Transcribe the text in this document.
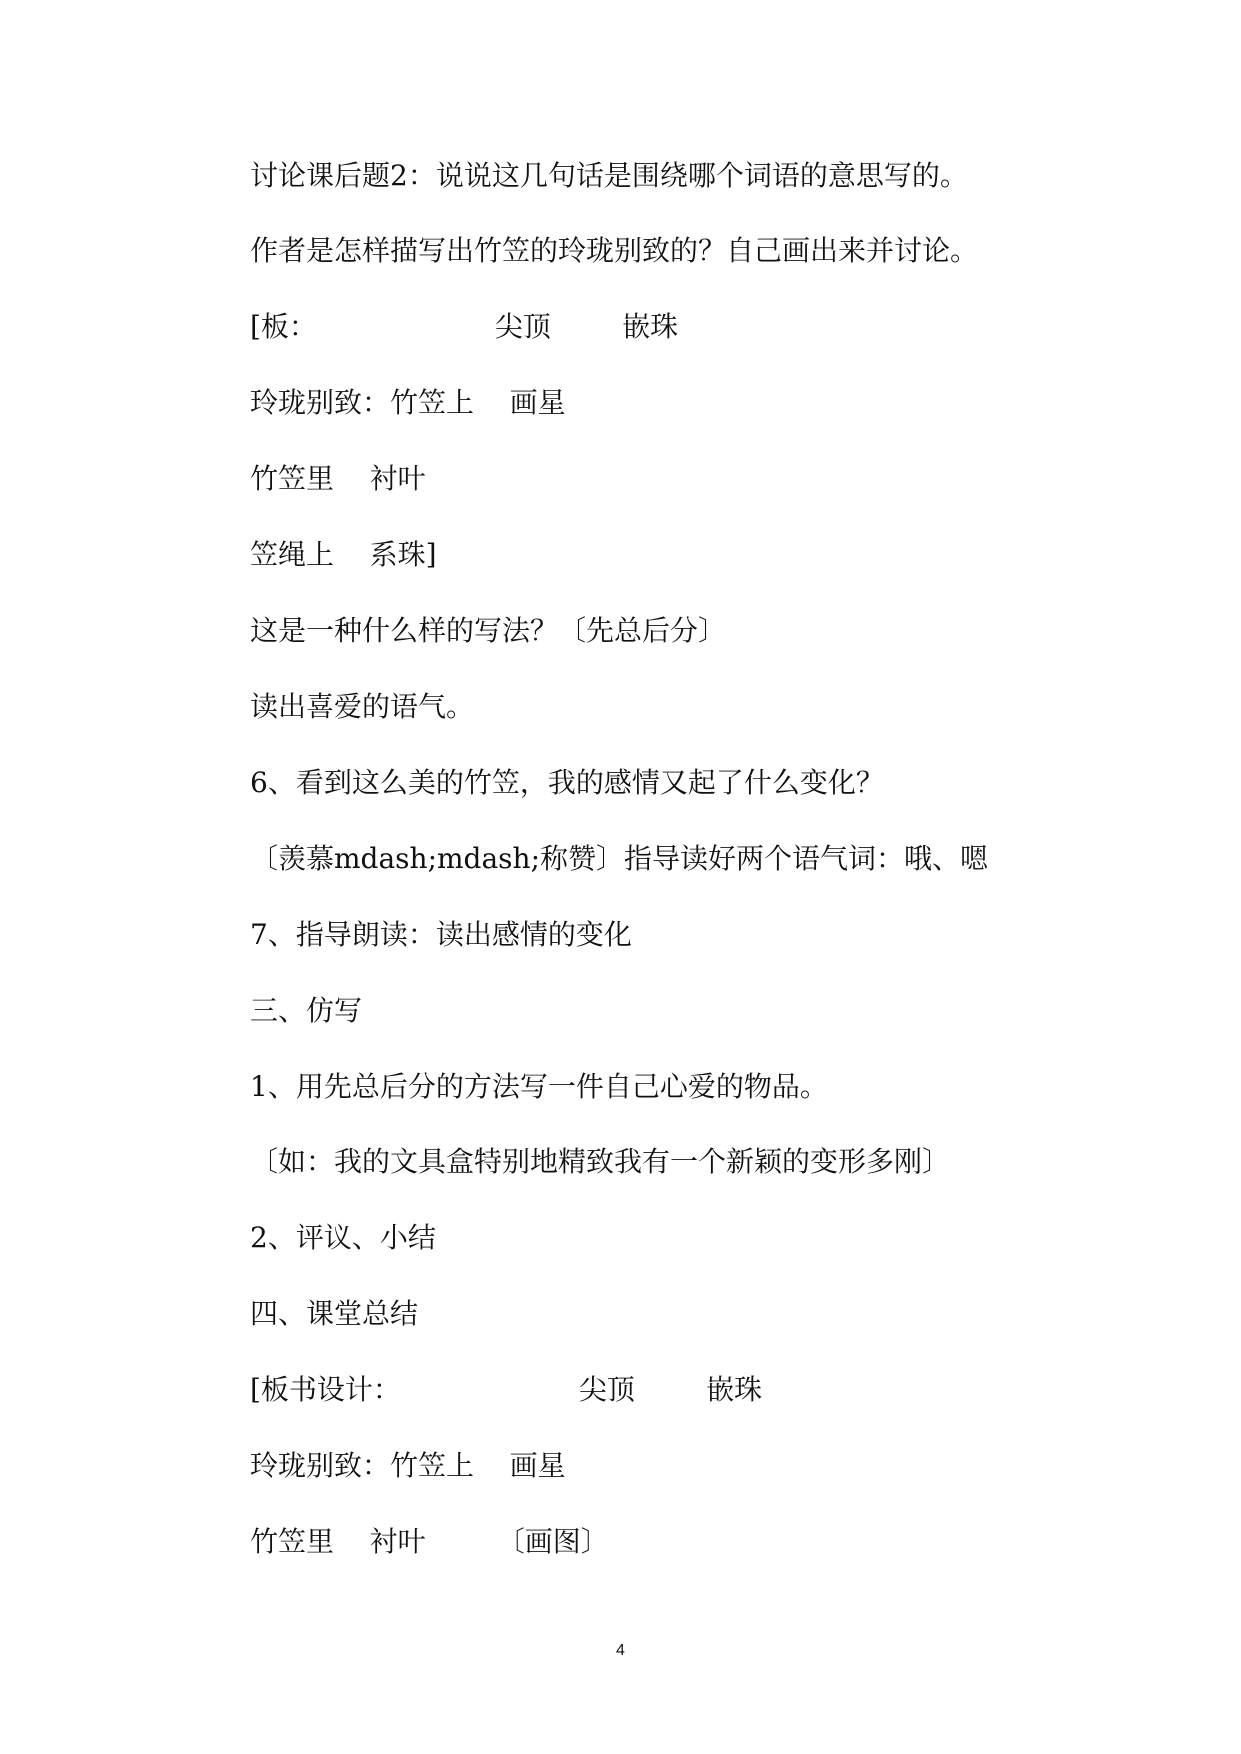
讨论课后题2：说说这几句话是围绕哪个词语的意思写的。
作者是怎样描写出竹笠的玲珑别致的？自己画出来并讨论。
[板：                    尖顶        嵌珠
玲珑别致：竹笠上    画星
竹笠里    衬叶
笠绳上    系珠]
这是一种什么样的写法？〔先总后分〕
读出喜爱的语气。
6、看到这么美的竹笠，我的感情又起了什么变化？
〔羡慕mdash;mdash;称赞〕指导读好两个语气词：哦、嗯
7、指导朗读：读出感情的变化
三、仿写
1、用先总后分的方法写一件自己心爱的物品。
〔如：我的文具盒特别地精致我有一个新颖的变形多刚〕
2、评议、小结
四、课堂总结
[板书设计：                    尖顶        嵌珠
玲珑别致：竹笠上    画星
竹笠里    衬叶        〔画图〕
4
